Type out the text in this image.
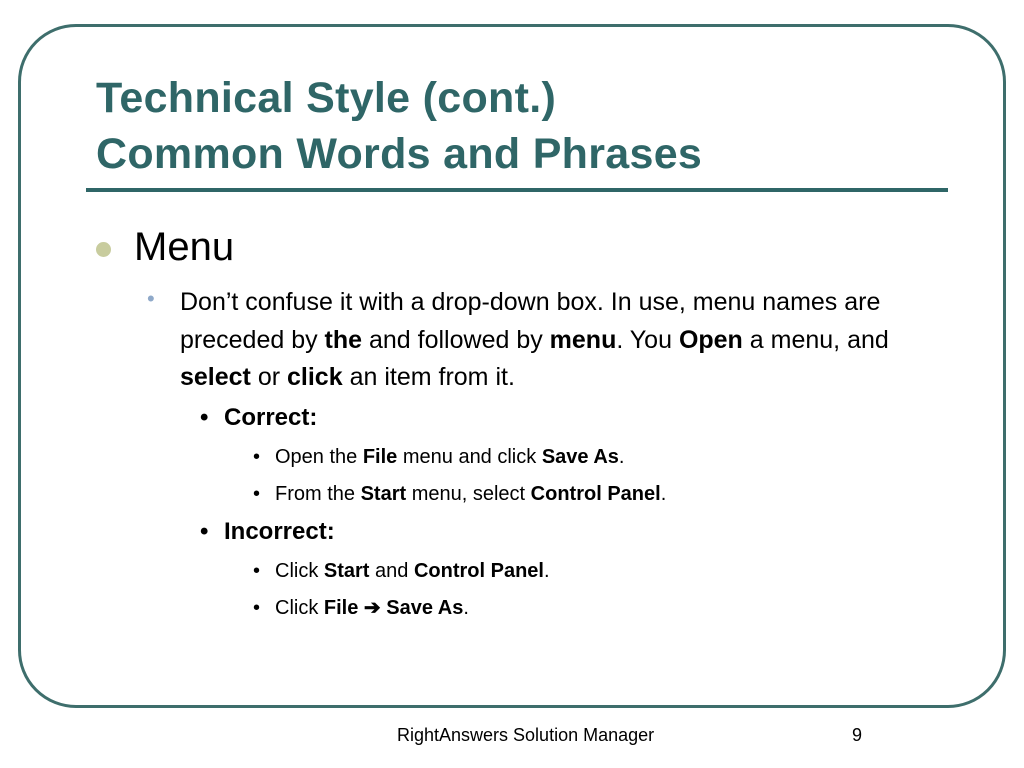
Technical Style (cont.)
Common Words and Phrases
Menu
• Don’t confuse it with a drop-down box. In use, menu names are preceded by the and followed by menu. You Open a menu, and select or click an item from it.
• Correct:
• Open the File menu and click Save As.
• From the Start menu, select Control Panel.
• Incorrect:
• Click Start and Control Panel.
• Click File ➔ Save As.
RightAnswers Solution Manager	9
